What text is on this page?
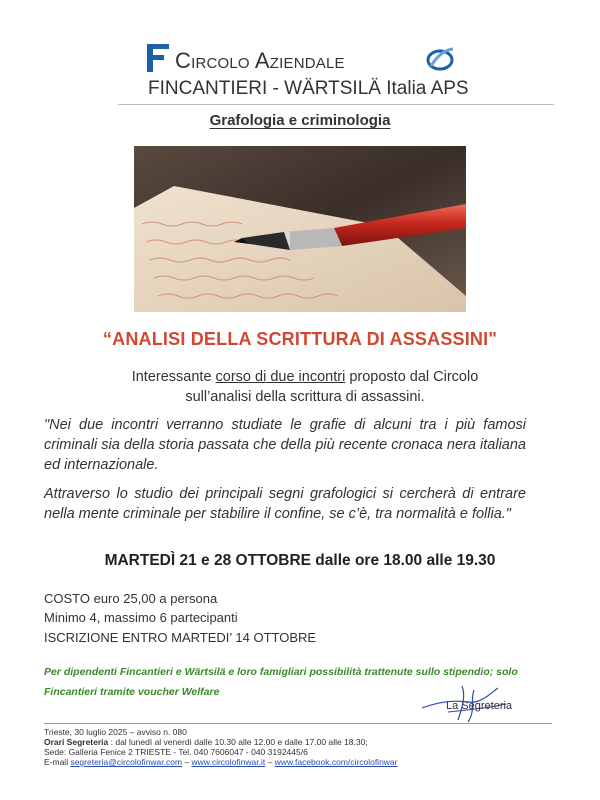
Circolo Aziendale
FINCANTIERI - WÄRTSILÄ Italia APS
Grafologia e criminologia
“ANALISI DELLA SCRITTURA DI ASSASSINI"
Interessante corso di due incontri proposto dal Circolo
sull’analisi della scrittura di assassini.
"Nei due incontri verranno studiate le grafie di alcuni tra i più famosi criminali sia della storia passata che della più recente cronaca nera italiana ed internazionale.
Attraverso lo studio dei principali segni grafologici si cercherà di entrare nella mente criminale per stabilire il confine, se c’è, tra normalità e follia."
MARTEDÌ 21 e 28 OTTOBRE dalle ore 18.00 alle 19.30
COSTO euro 25,00 a persona
Minimo 4, massimo 6 partecipanti
ISCRIZIONE ENTRO MARTEDI’ 14 OTTOBRE
Per dipendenti Fincantieri e Wärtsilä e loro famigliari possibilità trattenute sullo stipendio; solo Fincantieri tramite voucher Welfare
La Segreteria
Trieste, 30 luglio 2025 – avviso n. 080
Orari Segreteria : dal lunedì al venerdì dalle 10.30 alle 12.00 e dalle 17.00 alle 18.30;
Sede: Galleria Fenice 2 TRIESTE - Tel. 040 7606047 - 040 3192445/6
E-mail segreteria@circolofinwar.com – www.circolofinwar.it – www.facebook.com/circolofinwar
